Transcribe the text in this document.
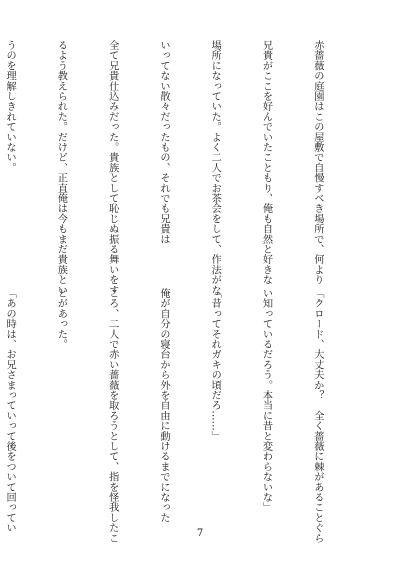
赤薔薇の庭園はこの屋敷で自慢すべき場所で、何より

兄貴がここを好んでいたこともり、俺も自然と好きな

場所になっていた。よく二人でお茶会をして、作法がな

いってない散々だったもの、それでも兄貴は

全て兄貴仕込みだった。貴族として恥じぬ振る舞いをす

るよう教えられた。だけど、正直俺は今もまだ貴族とい

うのを理解しきれていない。

「クロード、大丈夫か？　全く薔薇に棘があることぐら

い知っているだろう。本当に昔と変わらないな」

「昔ってそれガキの頃だろ……」

俺が自分の寝台から外を自由に動けるまでになった

ころ、二人で赤い薔薇を取ろうとして、指を怪我したこ

とがあった。

「あの時は、お兄さまっていって後をついて回ってい

7
